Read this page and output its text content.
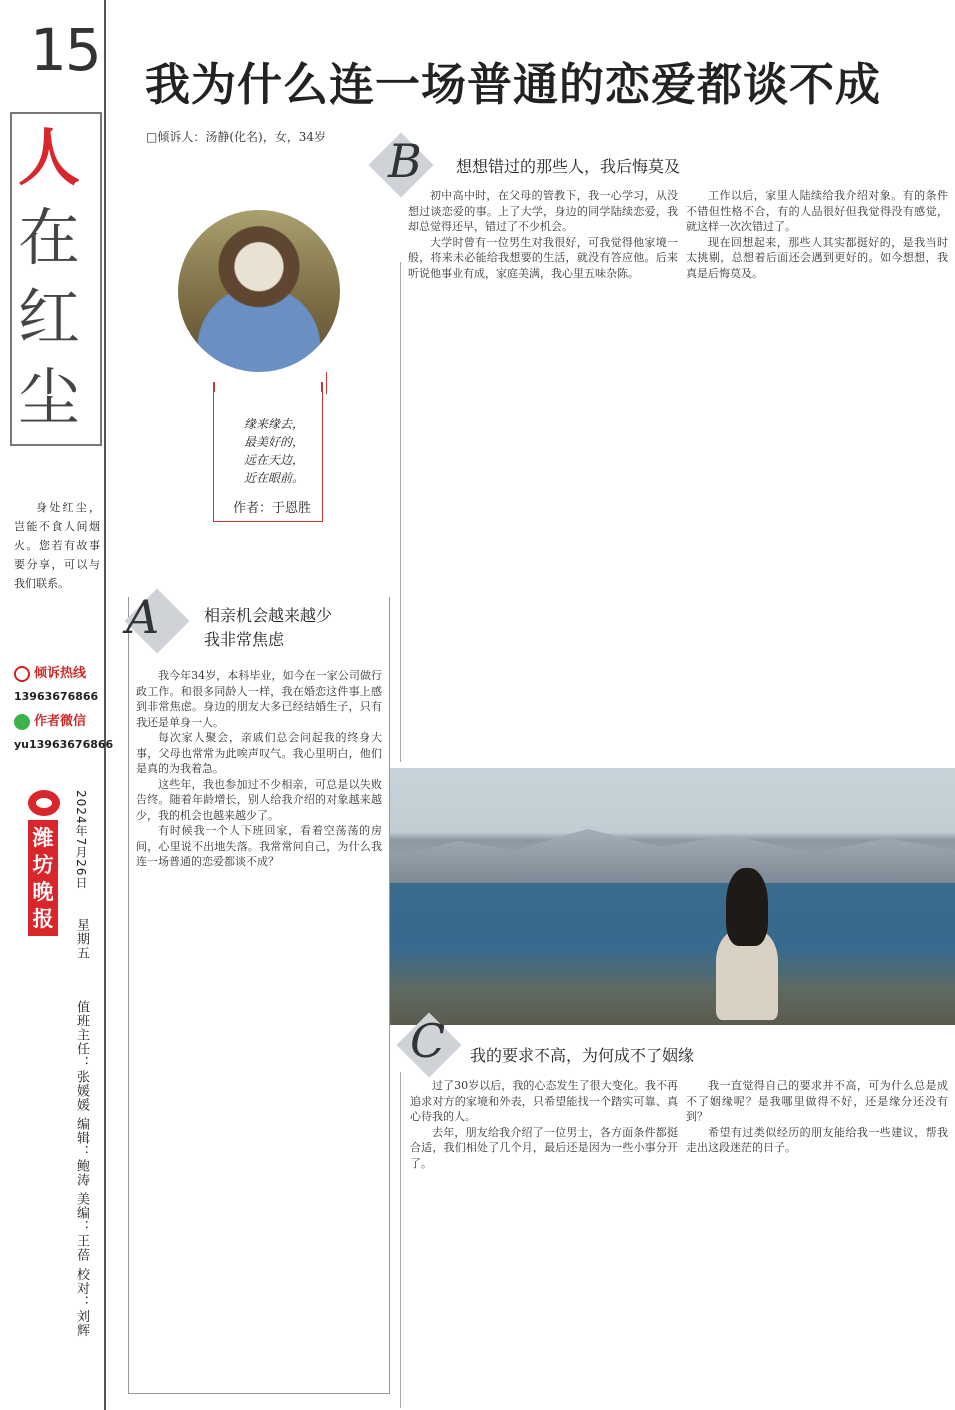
15
人
在
红
尘
身处红尘，岂能不食人间烟火。您若有故事要分享，可以与我们联系。
倾诉热线
13963676866
作者微信
yu13963676866
潍坊晚报
2024年7月26日
星期五
值班主任：张媛媛 编辑：鲍涛 美编：王蓓 校对：刘辉
我为什么连一场普通的恋爱都谈不成
□倾诉人：汤静(化名)，女，34岁
缘来缘去，
最美好的，
远在天边，
近在眼前。
作者：于恩胜
A	相亲机会越来越少
我非常焦虑

我今年34岁，本科毕业，如今在一家公司做行政工作。和很多同龄人一样，我在婚恋这件事上感到非常焦虑。身边的朋友大多已经结婚生子，只有我还是单身一人。

每次家人聚会，亲戚们总会问起我的终身大事，父母也常常为此唉声叹气。我心里明白，他们是真的为我着急。

这些年，我也参加过不少相亲，可总是以失败告终。随着年龄增长，别人给我介绍的对象越来越少，我的机会也越来越少了。

有时候我一个人下班回家，看着空荡荡的房间，心里说不出地失落。我常常问自己，为什么我连一场普通的恋爱都谈不成？

B 想想错过的那些人，我后悔莫及

初中高中时，在父母的管教下，我一心学习，从没想过谈恋爱的事。上了大学，身边的同学陆续恋爱，我却总觉得还早，错过了不少机会。

大学时曾有一位男生对我很好，可我觉得他家境一般，将来未必能给我想要的生活，就没有答应他。后来听说他事业有成，家庭美满，我心里五味杂陈。

工作以后，家里人陆续给我介绍对象。有的条件不错但性格不合，有的人品很好但我觉得没有感觉，就这样一次次错过了。

现在回想起来，那些人其实都挺好的，是我当时太挑剔，总想着后面还会遇到更好的。如今想想，我真是后悔莫及。

C 我的要求不高，为何成不了姻缘

过了30岁以后，我的心态发生了很大变化。我不再追求对方的家境和外表，只希望能找一个踏实可靠、真心待我的人。

去年，朋友给我介绍了一位男士，各方面条件都挺合适，我们相处了几个月，最后还是因为一些小事分开了。

我一直觉得自己的要求并不高，可为什么总是成不了姻缘呢？是我哪里做得不好，还是缘分还没有到？

希望有过类似经历的朋友能给我一些建议，帮我走出这段迷茫的日子。
